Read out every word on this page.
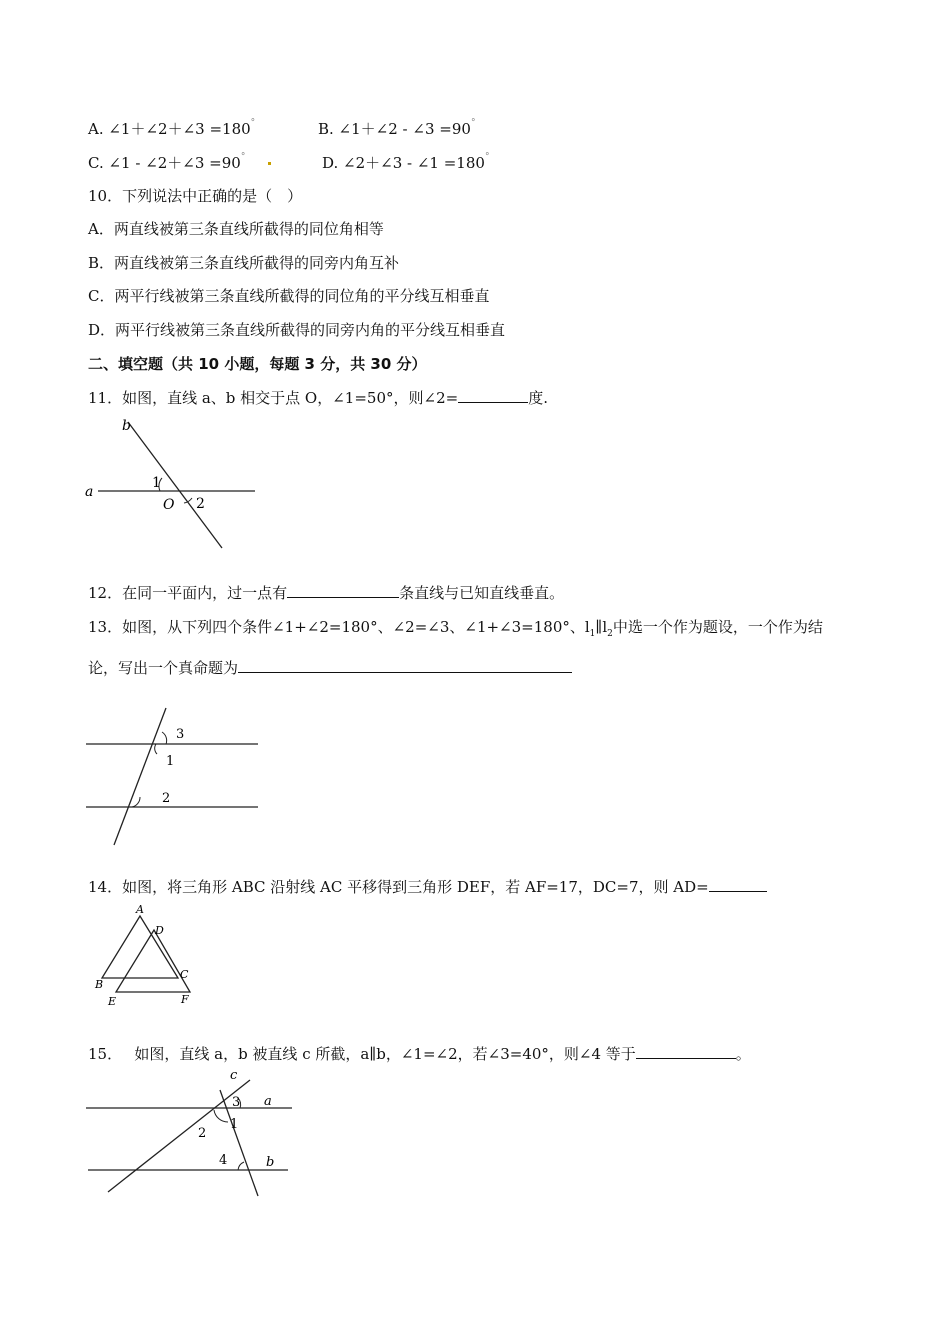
A. ∠1＋∠2＋∠3 =180°	B. ∠1＋∠2 - ∠3 =90°
C. ∠1 - ∠2＋∠3 =90°	D. ∠2＋∠3 - ∠1 =180°
10．下列说法中正确的是（　）
A．两直线被第三条直线所截得的同位角相等
B．两直线被第三条直线所截得的同旁内角互补
C．两平行线被第三条直线所截得的同位角的平分线互相垂直
D．两平行线被第三条直线所截得的同旁内角的平分线互相垂直
二、填空题（共 10 小题，每题 3 分，共 30 分）
11．如图，直线 a、b 相交于点 O，∠1=50°，则∠2=	度.
b
a
1
O 2
12．在同一平面内，过一点有	条直线与已知直线垂直。
13．如图，从下列四个条件∠1+∠2=180°、∠2=∠3、∠1+∠3=180°、$l_1\parallel l_2$中选一个作为题设，一个作为结
论，写出一个真命题为
3
1
2
14．如图，将三角形 ABC 沿射线 AC 平移得到三角形 DEF，若 AF=17，DC=7，则 AD=
A
D
C
B
E	F
15．　 如图，直线 a，b 被直线 c 所截，a∥b，∠1=∠2，若∠3=40°，则∠4 等于	。
c
3 a
2
1
4	b
